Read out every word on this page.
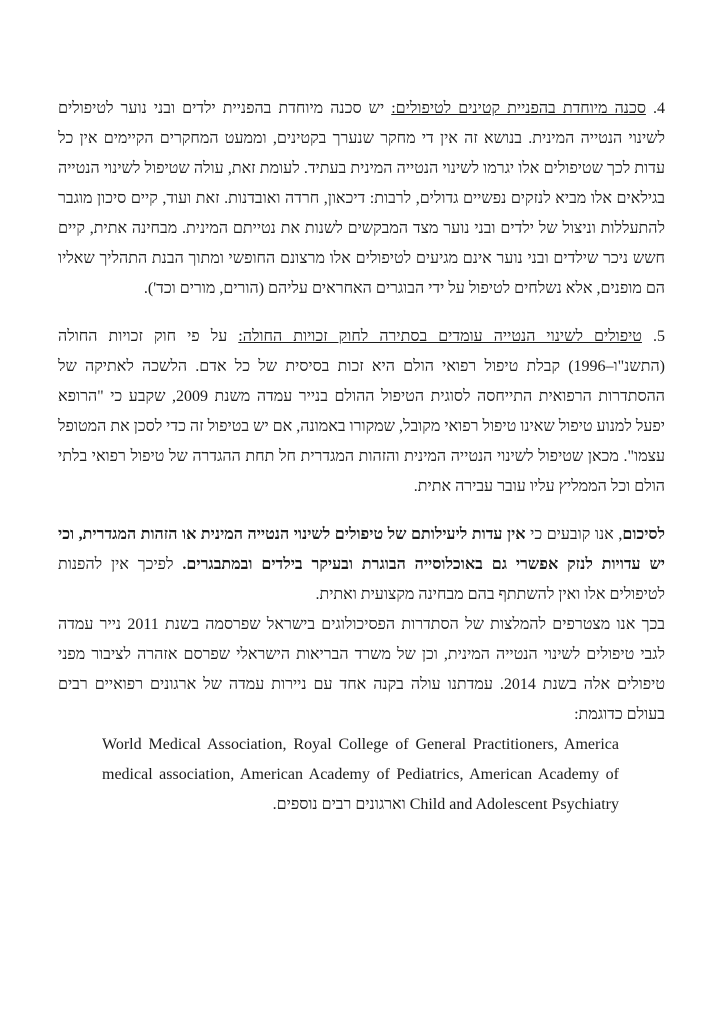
4. סכנה מיוחדת בהפניית קטינים לטיפולים: יש סכנה מיוחדת בהפניית ילדים ובני נוער לטיפולים לשינוי הנטייה המינית. בנושא זה אין די מחקר שנערך בקטינים, וממעט המחקרים הקיימים אין כל עדות לכך שטיפולים אלו יגרמו לשינוי הנטייה המינית בעתיד. לעומת זאת, עולה שטיפול לשינוי הנטייה בגילאים אלו מביא לנזקים נפשיים גדולים, לרבות: דיכאון, חרדה ואובדנות. זאת ועוד, קיים סיכון מוגבר להתעללות וניצול של ילדים ובני נוער מצד המבקשים לשנות את נטייתם המינית. מבחינה אתית, קיים חשש ניכר שילדים ובני נוער אינם מגיעים לטיפולים אלו מרצונם החופשי ומתוך הבנת התהליך שאליו הם מופנים, אלא נשלחים לטיפול על ידי הבוגרים האחראים עליהם (הורים, מורים וכד').

5. טיפולים לשינוי הנטייה עומדים בסתירה לחוק זכויות החולה: על פי חוק זכויות החולה (התשנ"ו–1996) קבלת טיפול רפואי הולם היא זכות בסיסית של כל אדם. הלשכה לאתיקה של ההסתדרות הרפואית התייחסה לסוגית הטיפול ההולם בנייר עמדה משנת 2009, שקבע כי "הרופא יפעל למנוע טיפול שאינו טיפול רפואי מקובל, שמקורו באמונה, אם יש בטיפול זה כדי לסכן את המטופל עצמו". מכאן שטיפול לשינוי הנטייה המינית והזהות המגדרית חל תחת ההגדרה של טיפול רפואי בלתי הולם וכל הממליץ עליו עובר עבירה אתית.

לסיכום, אנו קובעים כי אין עדות ליעילותם של טיפולים לשינוי הנטייה המינית או הזהות המגדרית, וכי יש עדויות לנזק אפשרי גם באוכלוסייה הבוגרת ובעיקר בילדים ובמתבגרים. לפיכך אין להפנות לטיפולים אלו ואין להשתתף בהם מבחינה מקצועית ואתית.

בכך אנו מצטרפים להמלצות של הסתדרות הפסיכולוגים בישראל שפרסמה בשנת 2011 נייר עמדה לגבי טיפולים לשינוי הנטייה המינית, וכן של משרד הבריאות הישראלי שפרסם אזהרה לציבור מפני טיפולים אלה בשנת 2014. עמדתנו עולה בקנה אחד עם ניירות עמדה של ארגונים רפואיים רבים בעולם כדוגמת:

World Medical Association, Royal College of General Practitioners, America medical association, American Academy of Pediatrics, American Academy of Child and Adolescent Psychiatry וארגונים רבים נוספים.
